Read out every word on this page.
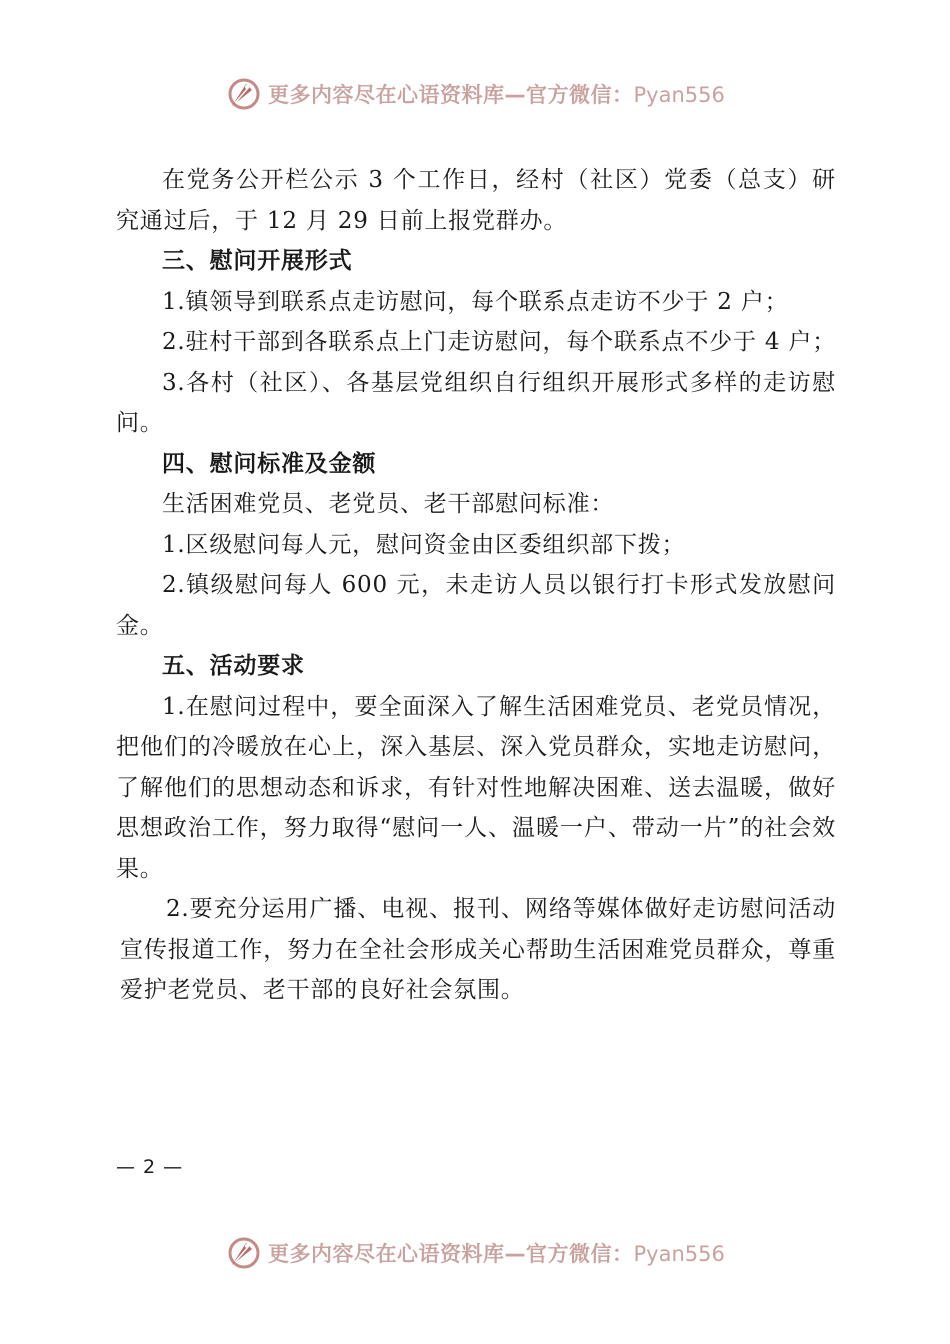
更多内容尽在心语资料库—官方微信：Pyan556

在党务公开栏公示 3 个工作日，经村（社区）党委（总支）研究通过后，于 12 月 29 日前上报党群办。

三、慰问开展形式

1.镇领导到联系点走访慰问，每个联系点走访不少于 2 户；

2.驻村干部到各联系点上门走访慰问，每个联系点不少于 4 户；

3.各村（社区）、各基层党组织自行组织开展形式多样的走访慰问。

四、慰问标准及金额

生活困难党员、老党员、老干部慰问标准：

1.区级慰问每人元，慰问资金由区委组织部下拨；

2.镇级慰问每人 600 元，未走访人员以银行打卡形式发放慰问金。

五、活动要求

1.在慰问过程中，要全面深入了解生活困难党员、老党员情况，把他们的冷暖放在心上，深入基层、深入党员群众，实地走访慰问，了解他们的思想动态和诉求，有针对性地解决困难、送去温暖，做好思想政治工作，努力取得“慰问一人、温暖一户、带动一片”的社会效果。

2.要充分运用广播、电视、报刊、网络等媒体做好走访慰问活动宣传报道工作，努力在全社会形成关心帮助生活困难党员群众，尊重爱护老党员、老干部的良好社会氛围。

— 2 —
更多内容尽在心语资料库—官方微信：Pyan556
